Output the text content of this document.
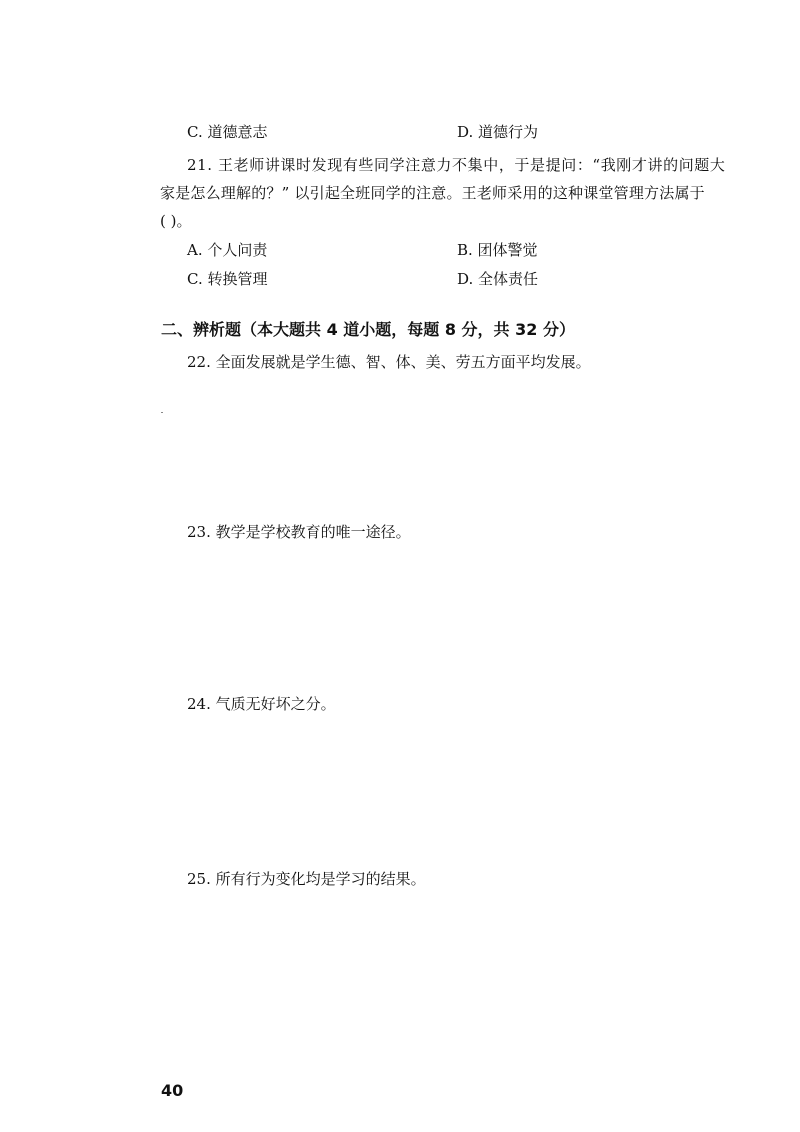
C. 道德意志	D. 道德行为
21. 王老师讲课时发现有些同学注意力不集中，于是提问：“我刚才讲的问题大
家是怎么理解的？” 以引起全班同学的注意。王老师采用的这种课堂管理方法属于
( )。
A. 个人问责	B. 团体警觉
C. 转换管理	D. 全体责任
二、辨析题（本大题共 4 道小题，每题 8 分，共 32 分）
22. 全面发展就是学生德、智、体、美、劳五方面平均发展。
23. 教学是学校教育的唯一途径。
24. 气质无好坏之分。
25. 所有行为变化均是学习的结果。
40
